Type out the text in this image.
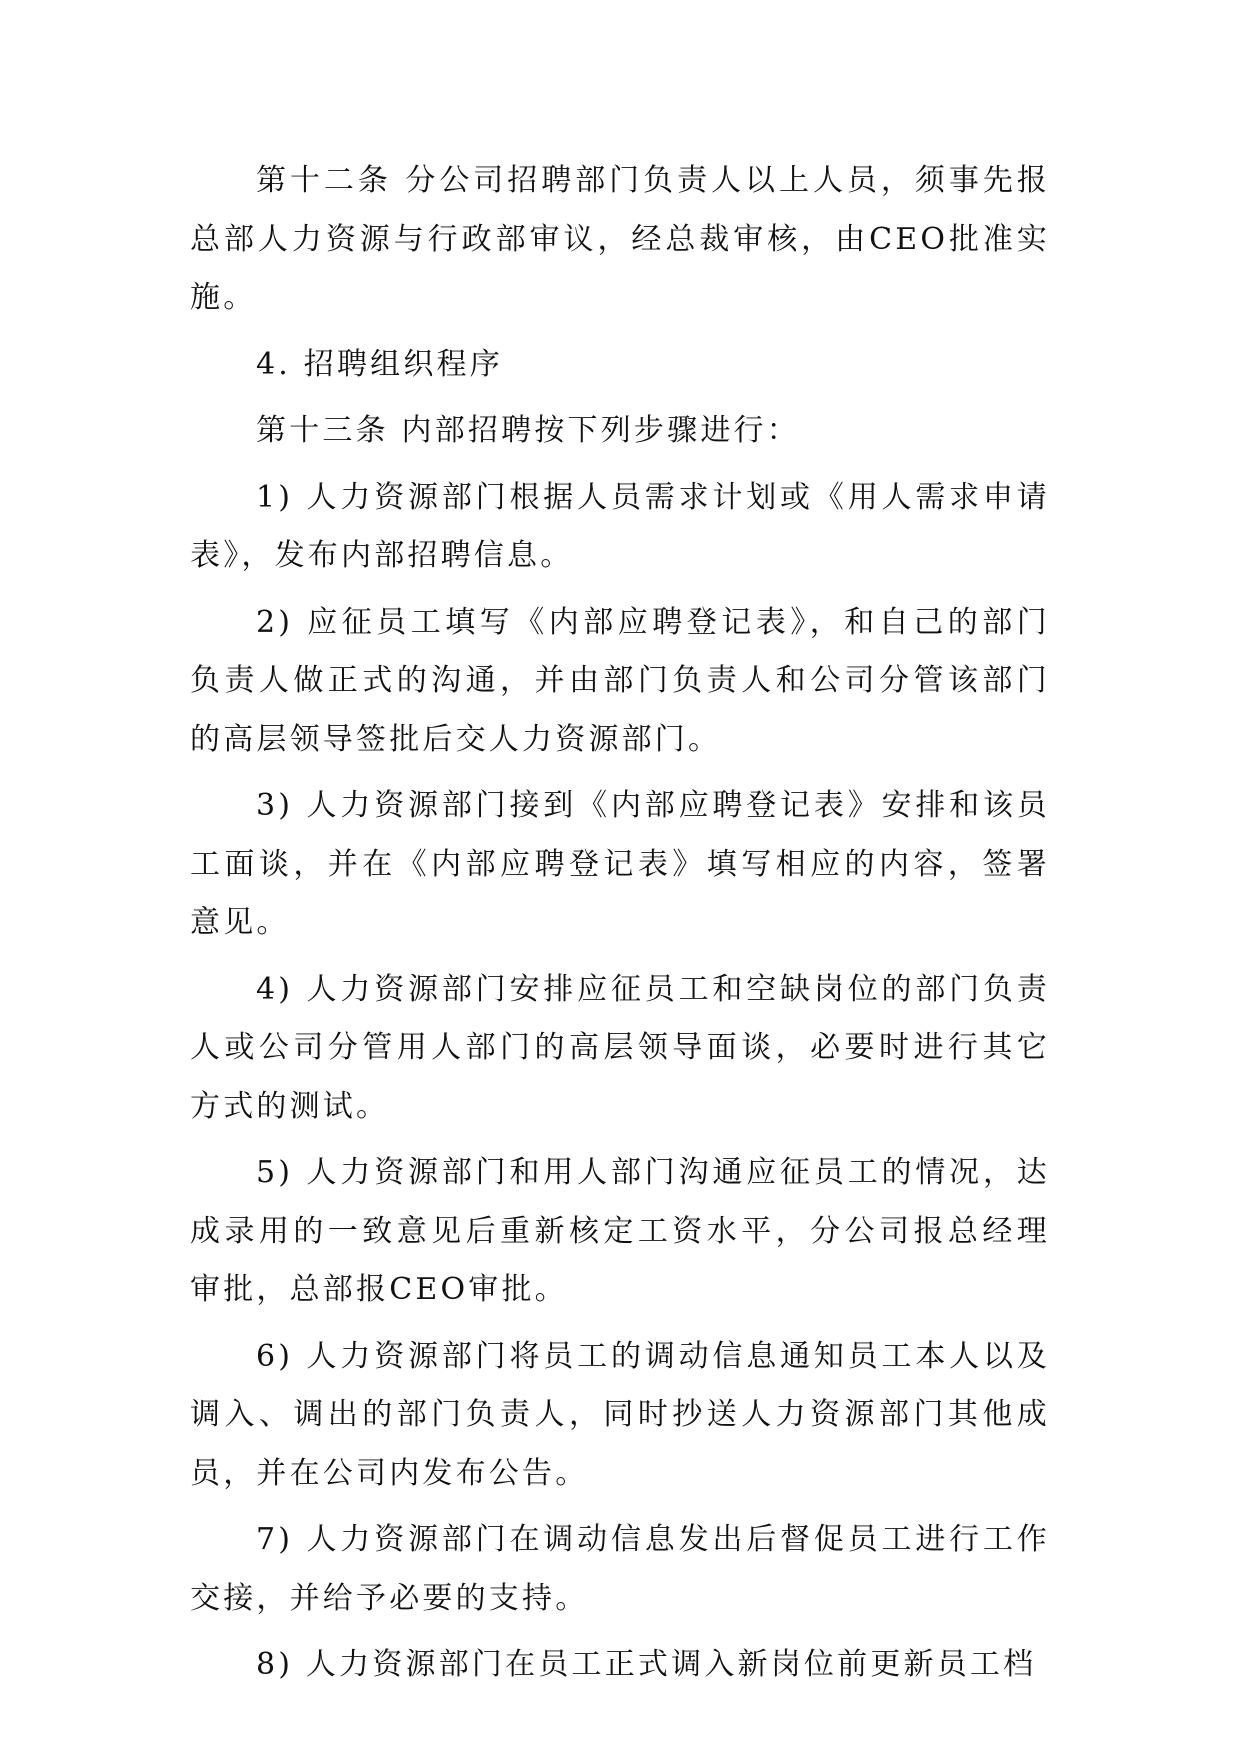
第十二条 分公司招聘部门负责人以上人员，须事先报总部人力资源与行政部审议，经总裁审核，由CEO批准实施。

4. 招聘组织程序

第十三条 内部招聘按下列步骤进行：

1) 人力资源部门根据人员需求计划或《用人需求申请表》，发布内部招聘信息。

2) 应征员工填写《内部应聘登记表》，和自己的部门负责人做正式的沟通，并由部门负责人和公司分管该部门的高层领导签批后交人力资源部门。

3) 人力资源部门接到《内部应聘登记表》安排和该员工面谈，并在《内部应聘登记表》填写相应的内容，签署意见。

4) 人力资源部门安排应征员工和空缺岗位的部门负责人或公司分管用人部门的高层领导面谈，必要时进行其它方式的测试。

5) 人力资源部门和用人部门沟通应征员工的情况，达成录用的一致意见后重新核定工资水平，分公司报总经理审批，总部报CEO审批。

6) 人力资源部门将员工的调动信息通知员工本人以及调入、调出的部门负责人，同时抄送人力资源部门其他成员，并在公司内发布公告。

7) 人力资源部门在调动信息发出后督促员工进行工作交接，并给予必要的支持。

8) 人力资源部门在员工正式调入新岗位前更新员工档
